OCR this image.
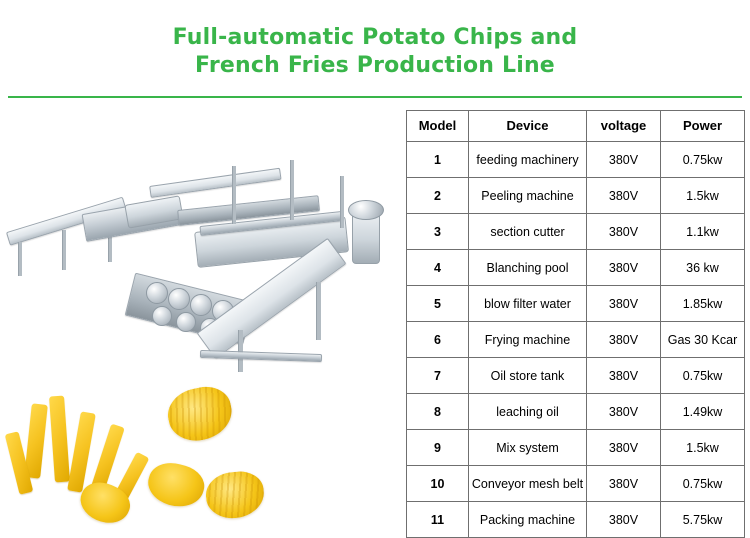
Full-automatic Potato Chips and
French Fries Production Line
Model	Device	voltage	Power
1	feeding machinery	380V	0.75kw
2	Peeling machine	380V	1.5kw
3	section cutter	380V	1.1kw
4	Blanching pool	380V	36 kw
5	blow filter water	380V	1.85kw
6	Frying machine	380V	Gas 30 Kcar
7	Oil store tank	380V	0.75kw
8	leaching oil	380V	1.49kw
9	Mix system	380V	1.5kw
10	Conveyor mesh belt	380V	0.75kw
11	Packing machine	380V	5.75kw
